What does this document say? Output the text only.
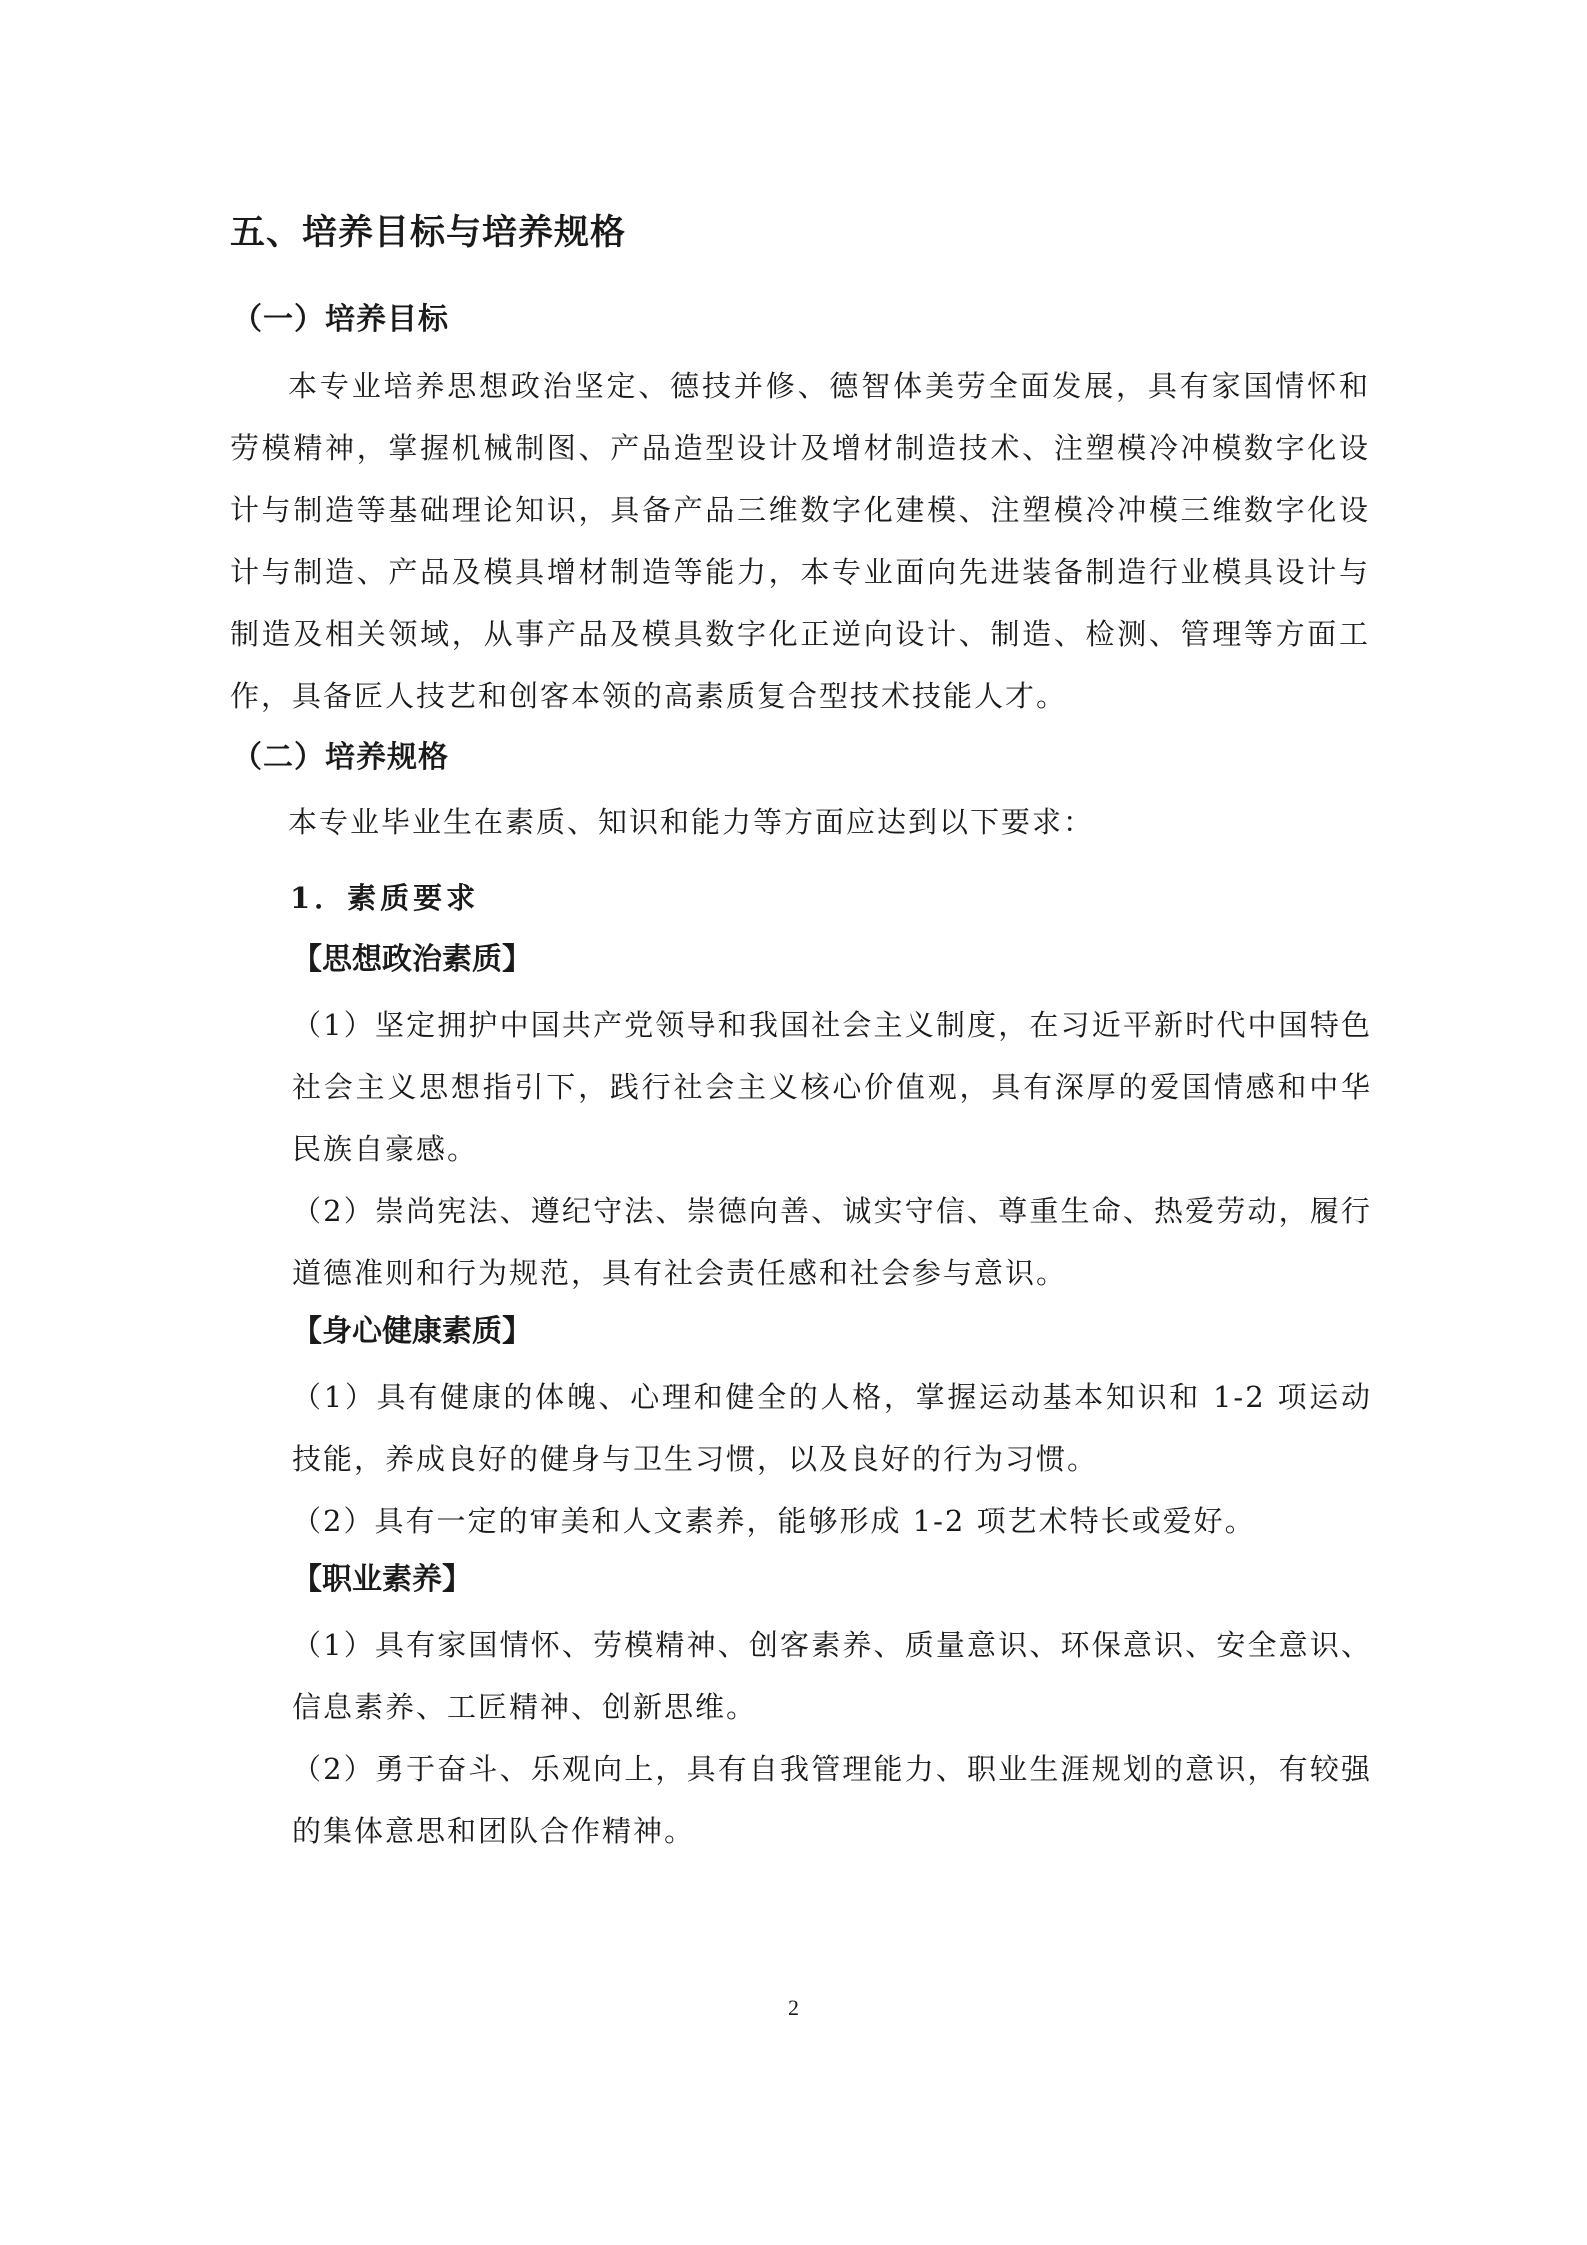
五、培养目标与培养规格
（一）培养目标

本专业培养思想政治坚定、德技并修、德智体美劳全面发展，具有家国情怀和劳模精神，掌握机械制图、产品造型设计及增材制造技术、注塑模冷冲模数字化设计与制造等基础理论知识，具备产品三维数字化建模、注塑模冷冲模三维数字化设计与制造、产品及模具增材制造等能力，本专业面向先进装备制造行业模具设计与制造及相关领域，从事产品及模具数字化正逆向设计、制造、检测、管理等方面工作，具备匠人技艺和创客本领的高素质复合型技术技能人才。

（二）培养规格

本专业毕业生在素质、知识和能力等方面应达到以下要求：

1．素质要求
【思想政治素质】

（1）坚定拥护中国共产党领导和我国社会主义制度，在习近平新时代中国特色社会主义思想指引下，践行社会主义核心价值观，具有深厚的爱国情感和中华民族自豪感。

（2）崇尚宪法、遵纪守法、崇德向善、诚实守信、尊重生命、热爱劳动，履行道德准则和行为规范，具有社会责任感和社会参与意识。

【身心健康素质】

（1）具有健康的体魄、心理和健全的人格，掌握运动基本知识和 1-2 项运动技能，养成良好的健身与卫生习惯，以及良好的行为习惯。

（2）具有一定的审美和人文素养，能够形成 1-2 项艺术特长或爱好。

【职业素养】

（1）具有家国情怀、劳模精神、创客素养、质量意识、环保意识、安全意识、信息素养、工匠精神、创新思维。

（2）勇于奋斗、乐观向上，具有自我管理能力、职业生涯规划的意识，有较强的集体意思和团队合作精神。

2
